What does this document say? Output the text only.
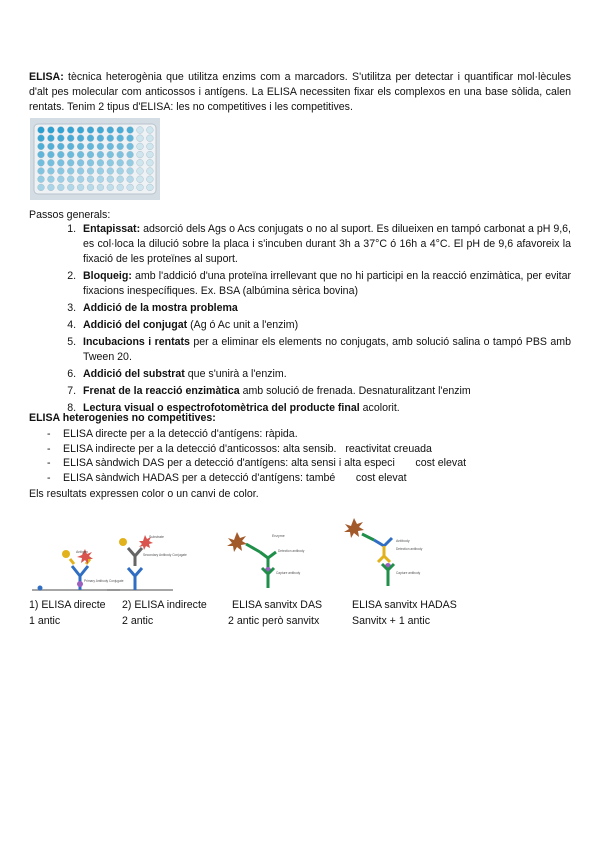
ELISA: tècnica heterogènia que utilitza enzims com a marcadors. S'utilitza per detectar i quantificar mol·lècules d'alt pes molecular com anticossos i antígens. La ELISA necessiten fixar els complexos en una base sòlida, calen rentats. Tenim 2 tipus d'ELISA: les no competitives i les competitives.

Passos generals:
1. Entapissat: adsorció dels Ags o Acs conjugats o no al suport. Es dilueixen en tampó carbonat a pH 9,6, es col·loca la dilució sobre la placa i s'incuben durant 3h a 37°C ó 16h a 4°C. El pH de 9,6 afavoreix la fixació de les proteïnes al suport.
2. Bloqueig: amb l'addició d'una proteïna irrellevant que no hi participi en la reacció enzimàtica, per evitar fixacions inespecífiques. Ex. BSA (albúmina sèrica bovina)
3. Addició de la mostra problema
4. Addició del conjugat (Ag ó Ac unit a l'enzim)
5. Incubacions i rentats per a eliminar els elements no conjugats, amb solució salina o tampó PBS amb Tween 20.
6. Addició del substrat que s'unirà a l'enzim.
7. Frenat de la reacció enzimàtica amb solució de frenada. Desnaturalitzant l'enzim
8. Lectura visual o espectrofotomètrica del producte final acolorit.
ELISA heterogenies no competitives:
- ELISA directe per a la detecció d'antígens: ràpida.
- ELISA indirecte per a la detecció d'anticossos: alta sensib.   reactivitat creuada
- ELISA sàndwich DAS per a detecció d'antígens: alta sensi i alta especi       cost elevat
- ELISA sàndwich HADAS per a detecció d'antígens: també       cost elevat
Els resultats expressen color o un canvi de color.
Antigen
Primary Antibody Conjugate
Substrate
Secondary Antibody Conjugate
Enzyme
Detection antibody
Capture antibody
Antibody
Detection antibody
Capture antibody
1) ELISA directe
1 antic
2) ELISA indirecte
2 antic
ELISA sanvitx DAS
2 antic però sanvitx
ELISA sanvitx HADAS
Sanvitx + 1 antic
